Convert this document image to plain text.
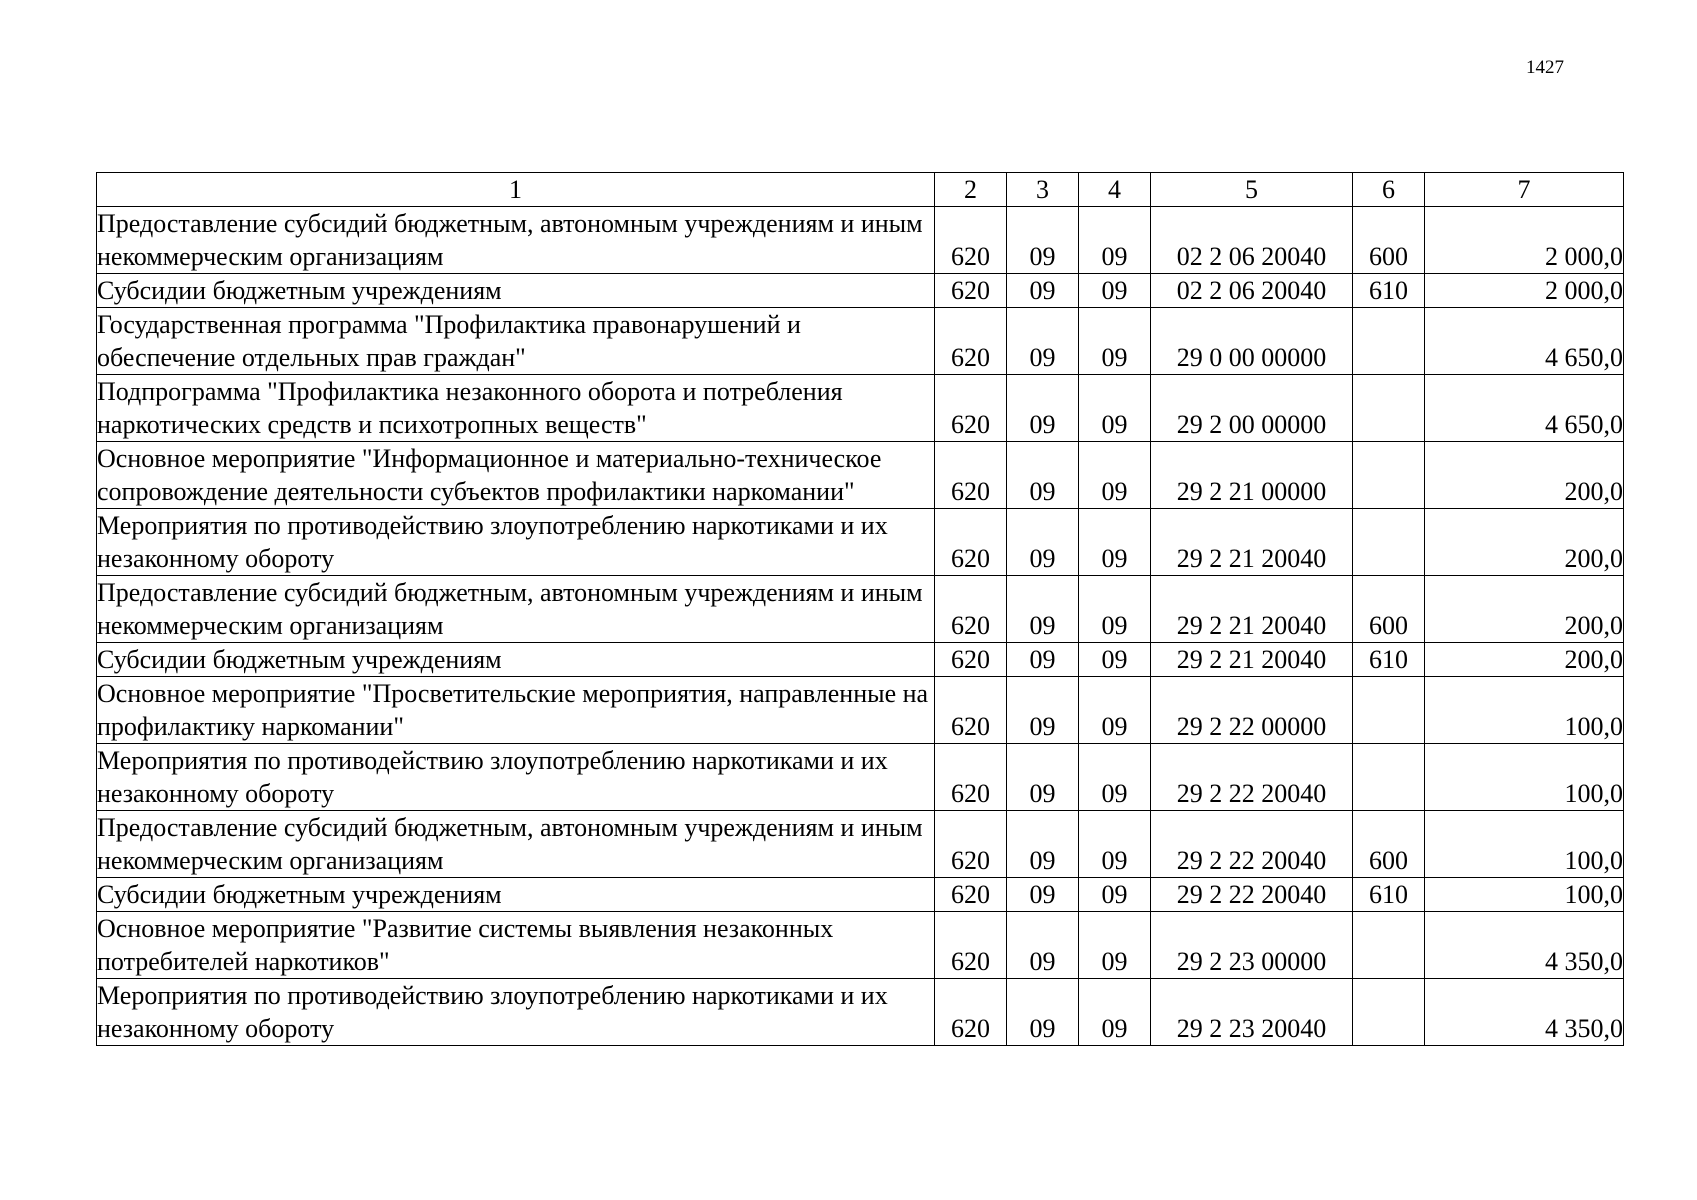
1427
1	2	3	4	5	6	7
Предоставление субсидий бюджетным, автономным учреждениям и иным некоммерческим организациям	620	09	09	02 2 06 20040	600	2 000,0
Субсидии бюджетным учреждениям	620	09	09	02 2 06 20040	610	2 000,0
Государственная программа "Профилактика правонарушений и обеспечение отдельных прав граждан"	620	09	09	29 0 00 00000		4 650,0
Подпрограмма "Профилактика незаконного оборота и потребления наркотических средств и психотропных веществ"	620	09	09	29 2 00 00000		4 650,0
Основное мероприятие "Информационное и материально-техническое сопровождение деятельности субъектов профилактики наркомании"	620	09	09	29 2 21 00000		200,0
Мероприятия по противодействию злоупотреблению наркотиками и их незаконному обороту	620	09	09	29 2 21 20040		200,0
Предоставление субсидий бюджетным, автономным учреждениям и иным некоммерческим организациям	620	09	09	29 2 21 20040	600	200,0
Субсидии бюджетным учреждениям	620	09	09	29 2 21 20040	610	200,0
Основное мероприятие "Просветительские мероприятия, направленные на профилактику наркомании"	620	09	09	29 2 22 00000		100,0
Мероприятия по противодействию злоупотреблению наркотиками и их незаконному обороту	620	09	09	29 2 22 20040		100,0
Предоставление субсидий бюджетным, автономным учреждениям и иным некоммерческим организациям	620	09	09	29 2 22 20040	600	100,0
Субсидии бюджетным учреждениям	620	09	09	29 2 22 20040	610	100,0
Основное мероприятие "Развитие системы выявления незаконных потребителей наркотиков"	620	09	09	29 2 23 00000		4 350,0
Мероприятия по противодействию злоупотреблению наркотиками и их незаконному обороту	620	09	09	29 2 23 20040		4 350,0
